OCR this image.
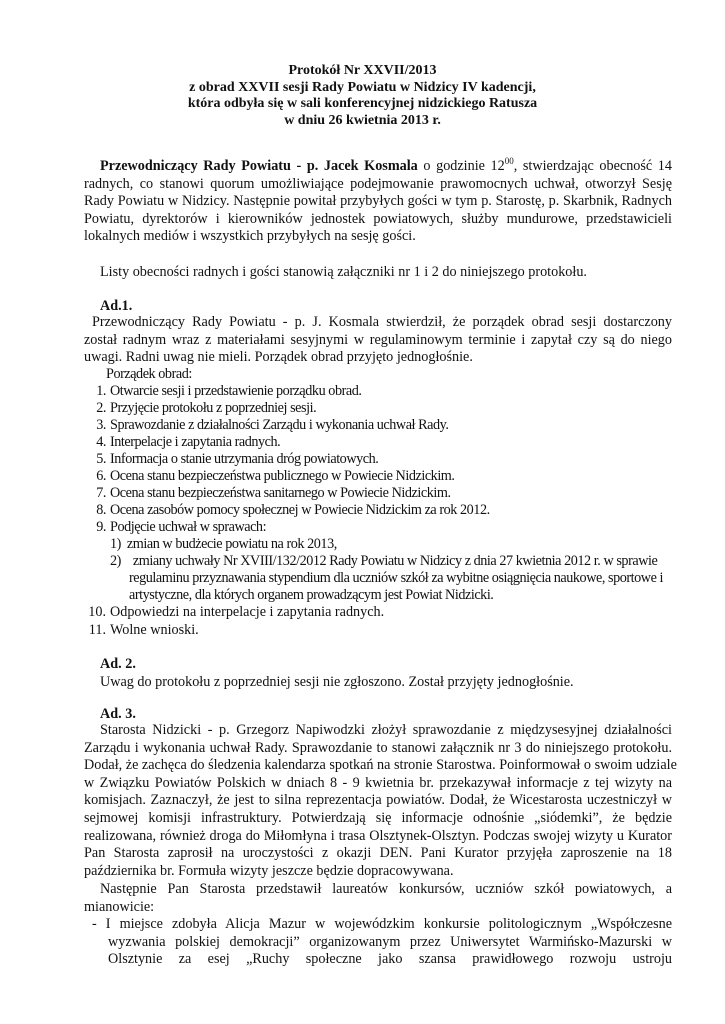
Protokół Nr XXVII/2013
z obrad XXVII sesji Rady Powiatu w Nidzicy IV kadencji,
która odbyła się w sali konferencyjnej nidzickiego Ratusza
w dniu 26 kwietnia 2013 r.
Przewodniczący Rady Powiatu - p. Jacek Kosmala o godzinie $12^{00}$, stwierdzając obecność 14
radnych, co stanowi quorum umożliwiające podejmowanie prawomocnych uchwał, otworzył Sesję
Rady Powiatu w Nidzicy. Następnie powitał przybyłych gości w tym p. Starostę, p. Skarbnik, Radnych
Powiatu, dyrektorów i kierowników jednostek powiatowych, służby mundurowe, przedstawicieli
lokalnych mediów i wszystkich przybyłych na sesję gości.
Listy obecności radnych i gości stanowią załączniki nr 1 i 2 do niniejszego protokołu.
Ad.1.
Przewodniczący Rady Powiatu - p. J. Kosmala stwierdził, że porządek obrad sesji dostarczony
został radnym wraz z materiałami sesyjnymi w regulaminowym terminie i zapytał czy są do niego
uwagi. Radni uwag nie mieli. Porządek obrad przyjęto jednogłośnie.
Porządek obrad:
1. Otwarcie sesji i przedstawienie porządku obrad.
2. Przyjęcie protokołu z poprzedniej sesji.
3. Sprawozdanie z działalności Zarządu i wykonania uchwał Rady.
4. Interpelacje i zapytania radnych.
5. Informacja o stanie utrzymania dróg powiatowych.
6. Ocena stanu bezpieczeństwa publicznego w Powiecie Nidzickim.
7. Ocena stanu bezpieczeństwa sanitarnego w Powiecie Nidzickim.
8. Ocena zasobów pomocy społecznej w Powiecie Nidzickim za rok 2012.
9. Podjęcie uchwał w sprawach:
1) zmian w budżecie powiatu na rok 2013,
2) zmiany uchwały Nr XVIII/132/2012 Rady Powiatu w Nidzicy z dnia 27 kwietnia 2012 r. w sprawie
regulaminu przyznawania stypendium dla uczniów szkół za wybitne osiągnięcia naukowe, sportowe i
artystyczne, dla których organem prowadzącym jest Powiat Nidzicki.
10. Odpowiedzi na interpelacje i zapytania radnych.
11. Wolne wnioski.
Ad. 2.
Uwag do protokołu z poprzedniej sesji nie zgłoszono. Został przyjęty jednogłośnie.
Ad. 3.
Starosta Nidzicki - p. Grzegorz Napiwodzki złożył sprawozdanie z międzysesyjnej działalności
Zarządu i wykonania uchwał Rady. Sprawozdanie to stanowi załącznik nr 3 do niniejszego protokołu.
Dodał, że zachęca do śledzenia kalendarza spotkań na stronie Starostwa. Poinformował o swoim udziale
w Związku Powiatów Polskich w dniach 8 - 9 kwietnia br. przekazywał informacje z tej wizyty na
komisjach. Zaznaczył, że jest to silna reprezentacja powiatów. Dodał, że Wicestarosta uczestniczył w
sejmowej komisji infrastruktury. Potwierdzają się informacje odnośnie „siódemki”, że będzie
realizowana, również droga do Miłomłyna i trasa Olsztynek-Olsztyn. Podczas swojej wizyty u Kurator
Pan Starosta zaprosił na uroczystości z okazji DEN. Pani Kurator przyjęła zaproszenie na 18
października br. Formuła wizyty jeszcze będzie dopracowywana.
Następnie Pan Starosta przedstawił laureatów konkursów, uczniów szkół powiatowych, a
mianowicie:
- I miejsce zdobyła Alicja Mazur w wojewódzkim konkursie politologicznym „Współczesne
wyzwania polskiej demokracji” organizowanym przez Uniwersytet Warmińsko-Mazurski w
Olsztynie za esej „Ruchy społeczne jako szansa prawidłowego rozwoju ustroju
